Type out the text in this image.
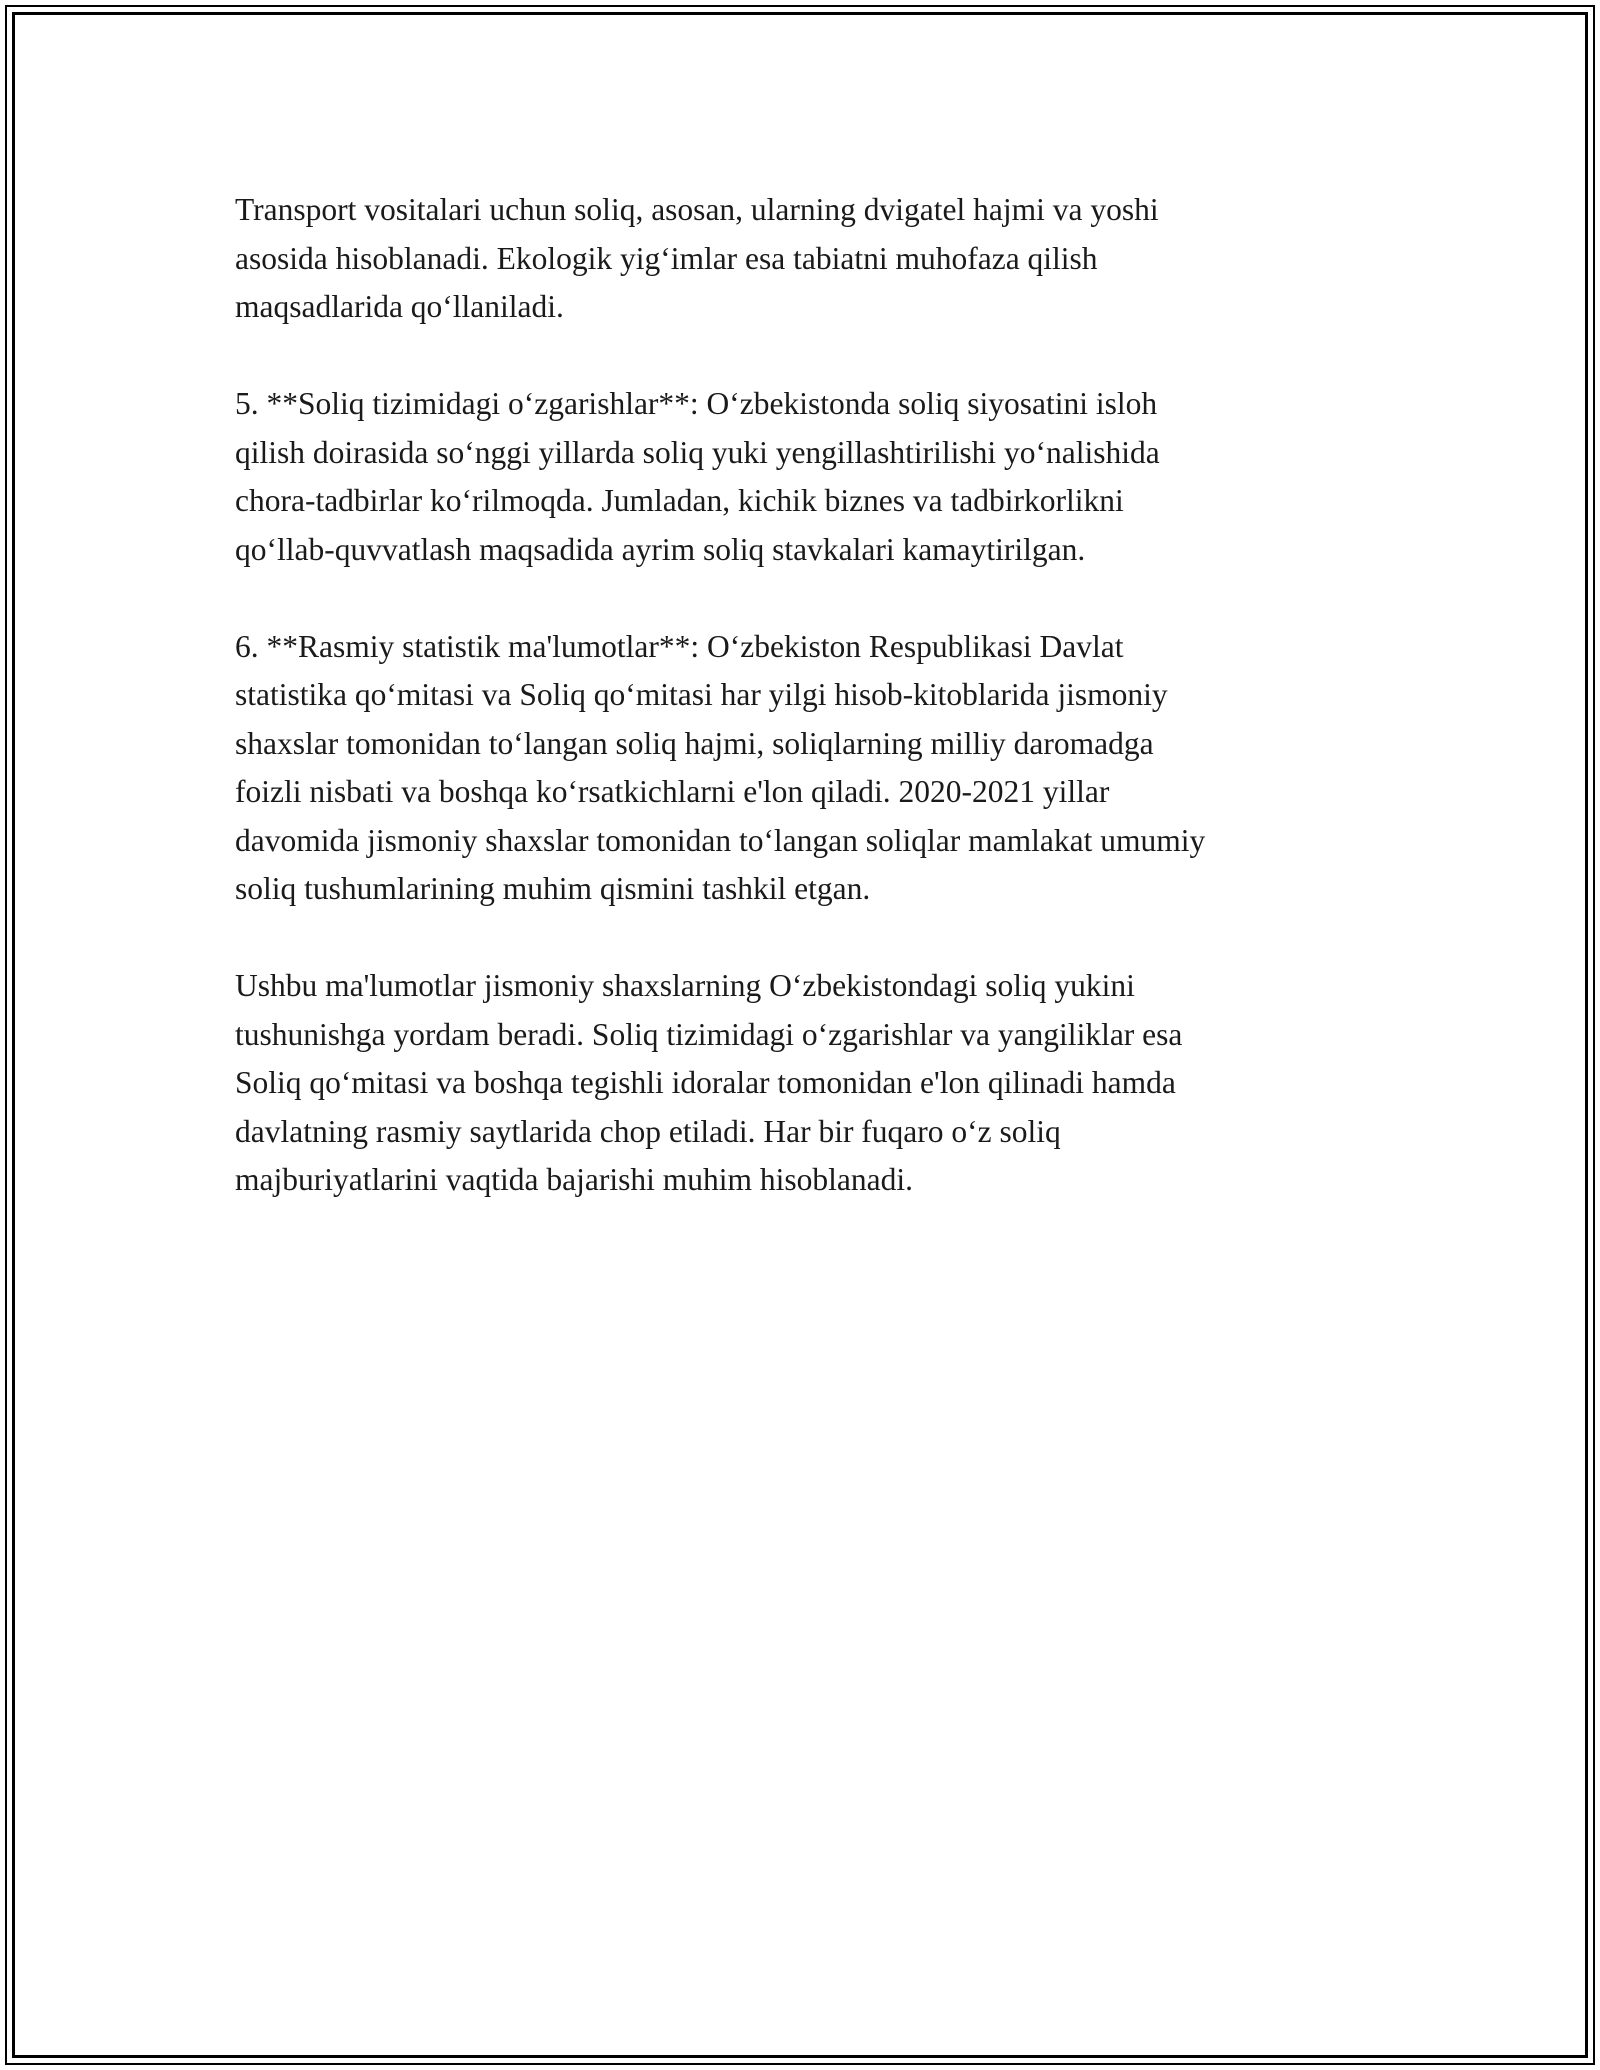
Transport vositalari uchun soliq, asosan, ularning dvigatel hajmi va yoshi
asosida hisoblanadi. Ekologik yig‘imlar esa tabiatni muhofaza qilish
maqsadlarida qo‘llaniladi.

5. **Soliq tizimidagi o‘zgarishlar**: O‘zbekistonda soliq siyosatini isloh
qilish doirasida so‘nggi yillarda soliq yuki yengillashtirilishi yo‘nalishida
chora-tadbirlar ko‘rilmoqda. Jumladan, kichik biznes va tadbirkorlikni
qo‘llab-quvvatlash maqsadida ayrim soliq stavkalari kamaytirilgan.

6. **Rasmiy statistik ma'lumotlar**: O‘zbekiston Respublikasi Davlat
statistika qo‘mitasi va Soliq qo‘mitasi har yilgi hisob-kitoblarida jismoniy
shaxslar tomonidan to‘langan soliq hajmi, soliqlarning milliy daromadga
foizli nisbati va boshqa ko‘rsatkichlarni e'lon qiladi. 2020-2021 yillar
davomida jismoniy shaxslar tomonidan to‘langan soliqlar mamlakat umumiy
soliq tushumlarining muhim qismini tashkil etgan.

Ushbu ma'lumotlar jismoniy shaxslarning O‘zbekistondagi soliq yukini
tushunishga yordam beradi. Soliq tizimidagi o‘zgarishlar va yangiliklar esa
Soliq qo‘mitasi va boshqa tegishli idoralar tomonidan e'lon qilinadi hamda
davlatning rasmiy saytlarida chop etiladi. Har bir fuqaro o‘z soliq
majburiyatlarini vaqtida bajarishi muhim hisoblanadi.
